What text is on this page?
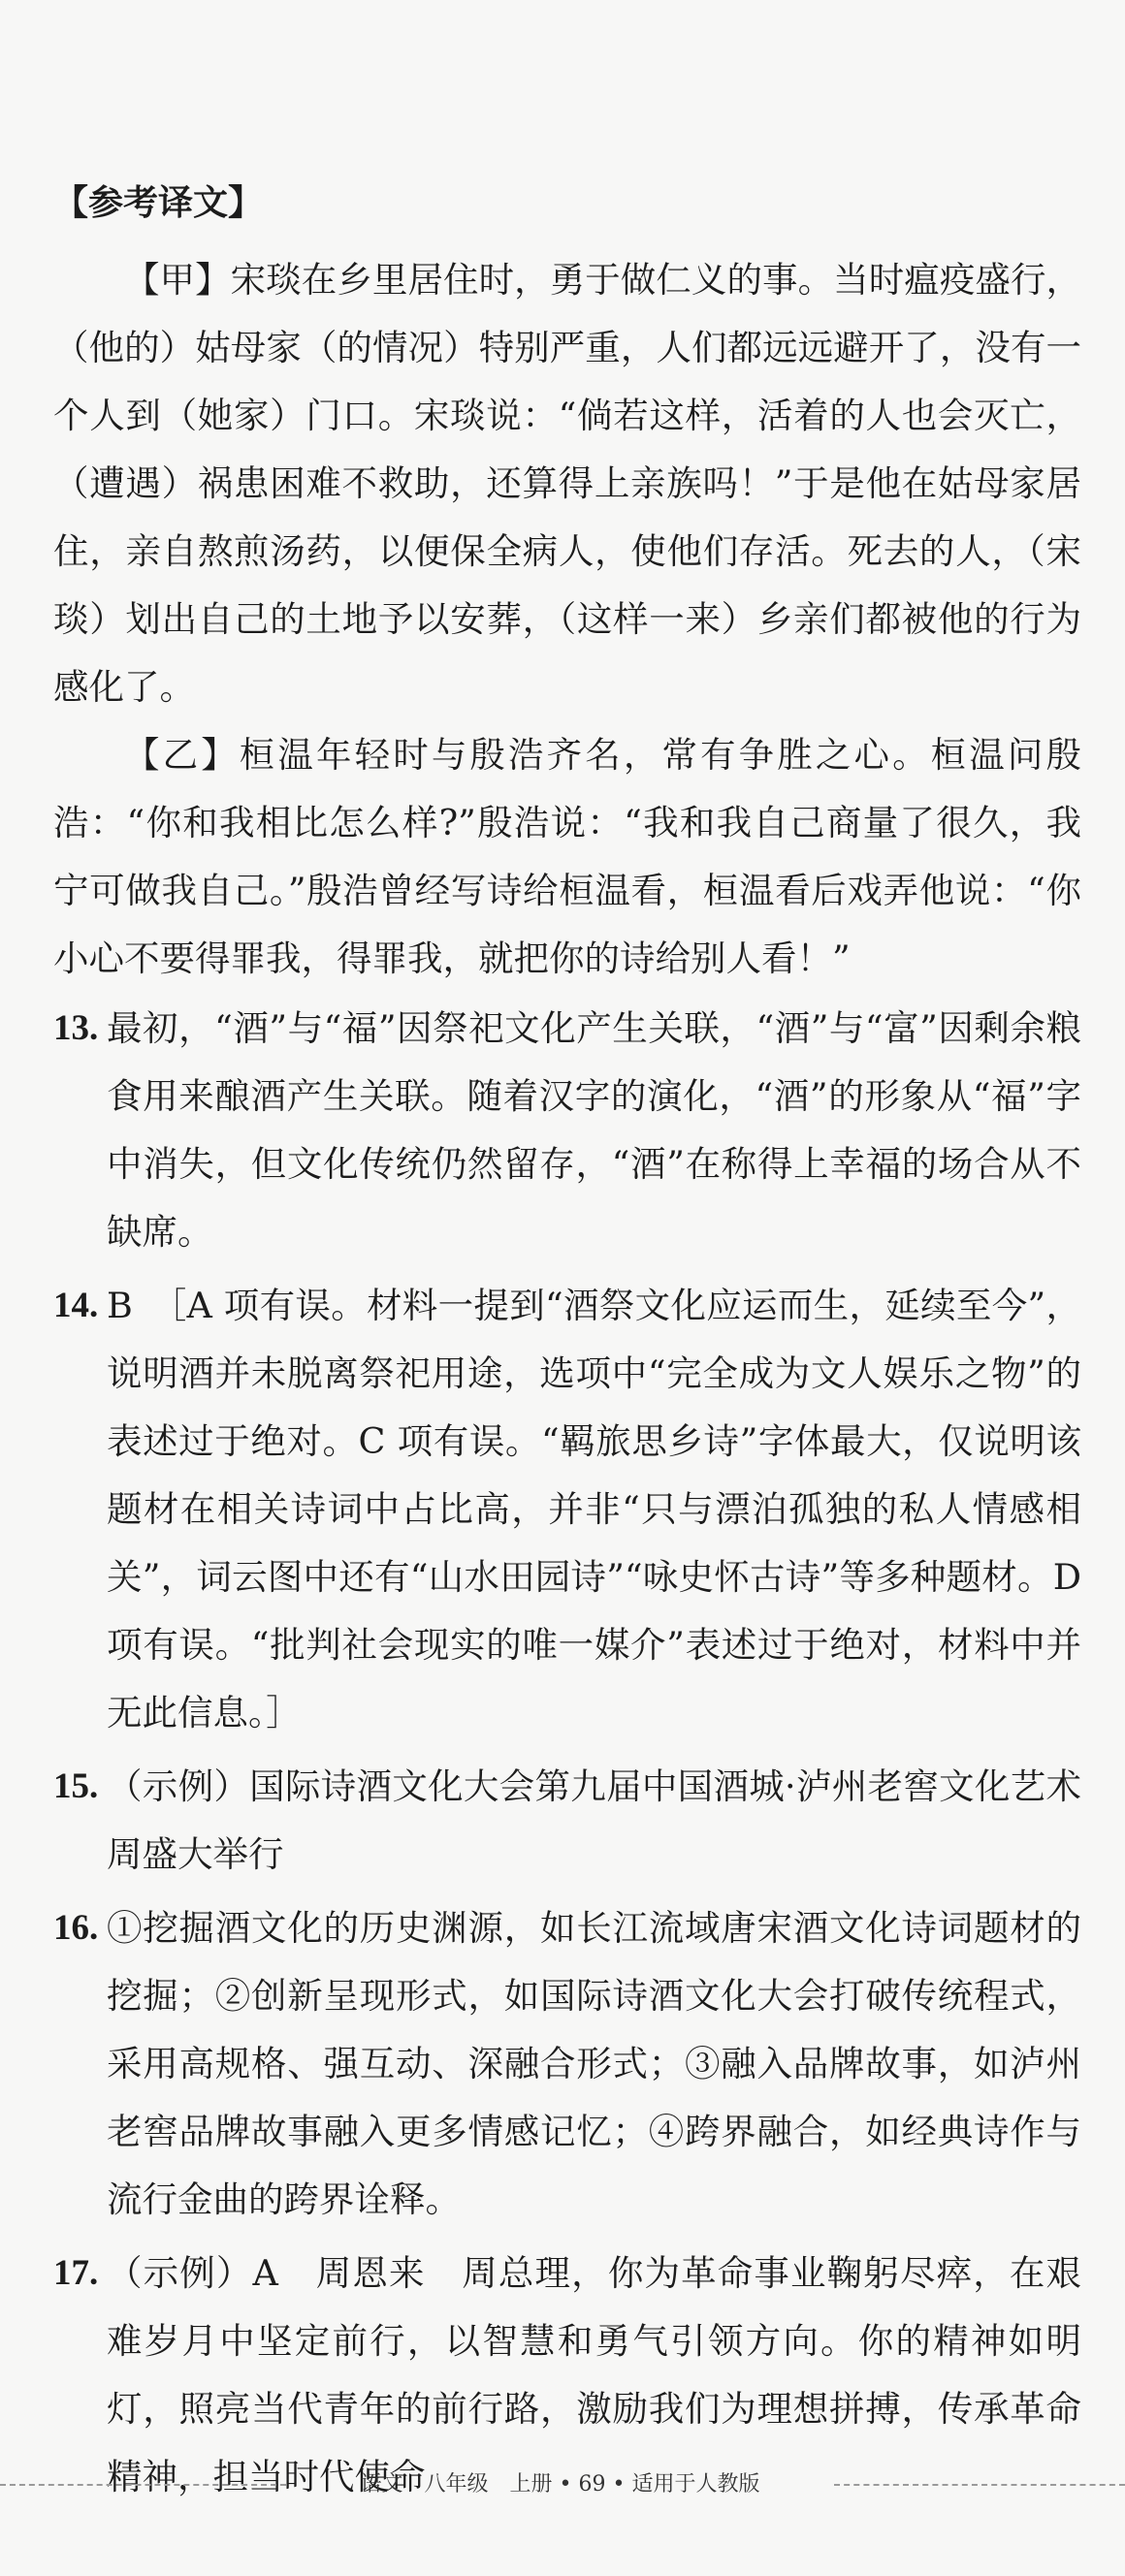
【参考译文】

【甲】宋琰在乡里居住时，勇于做仁义的事。当时瘟疫盛行，（他的）姑母家（的情况）特别严重，人们都远远避开了，没有一个人到（她家）门口。宋琰说：“倘若这样，活着的人也会灭亡，（遭遇）祸患困难不救助，还算得上亲族吗！”于是他在姑母家居住，亲自熬煎汤药，以便保全病人，使他们存活。死去的人，（宋琰）划出自己的土地予以安葬，（这样一来）乡亲们都被他的行为感化了。

【乙】桓温年轻时与殷浩齐名，常有争胜之心。桓温问殷浩：“你和我相比怎么样?”殷浩说：“我和我自己商量了很久，我宁可做我自己。”殷浩曾经写诗给桓温看，桓温看后戏弄他说：“你小心不要得罪我，得罪我，就把你的诗给别人看！”

13. 最初，“酒”与“福”因祭祀文化产生关联，“酒”与“富”因剩余粮食用来酿酒产生关联。随着汉字的演化，“酒”的形象从“福”字中消失，但文化传统仍然留存，“酒”在称得上幸福的场合从不缺席。
14. B　［A 项有误。材料一提到“酒祭文化应运而生，延续至今”，说明酒并未脱离祭祀用途，选项中“完全成为文人娱乐之物”的表述过于绝对。C 项有误。“羁旅思乡诗”字体最大，仅说明该题材在相关诗词中占比高，并非“只与漂泊孤独的私人情感相关”，词云图中还有“山水田园诗”“咏史怀古诗”等多种题材。D 项有误。“批判社会现实的唯一媒介”表述过于绝对，材料中并无此信息。］
15. （示例）国际诗酒文化大会第九届中国酒城·泸州老窖文化艺术周盛大举行
16. ①挖掘酒文化的历史渊源，如长江流域唐宋酒文化诗词题材的挖掘；②创新呈现形式，如国际诗酒文化大会打破传统程式，采用高规格、强互动、深融合形式；③融入品牌故事，如泸州老窖品牌故事融入更多情感记忆；④跨界融合，如经典诗作与流行金曲的跨界诠释。
17. （示例）A　周恩来　周总理，你为革命事业鞠躬尽瘁，在艰难岁月中坚定前行，以智慧和勇气引领方向。你的精神如明灯，照亮当代青年的前行路，激励我们为理想拼搏，传承革命精神，担当时代使命
语文　八年级　上册 • 69 • 适用于人教版
